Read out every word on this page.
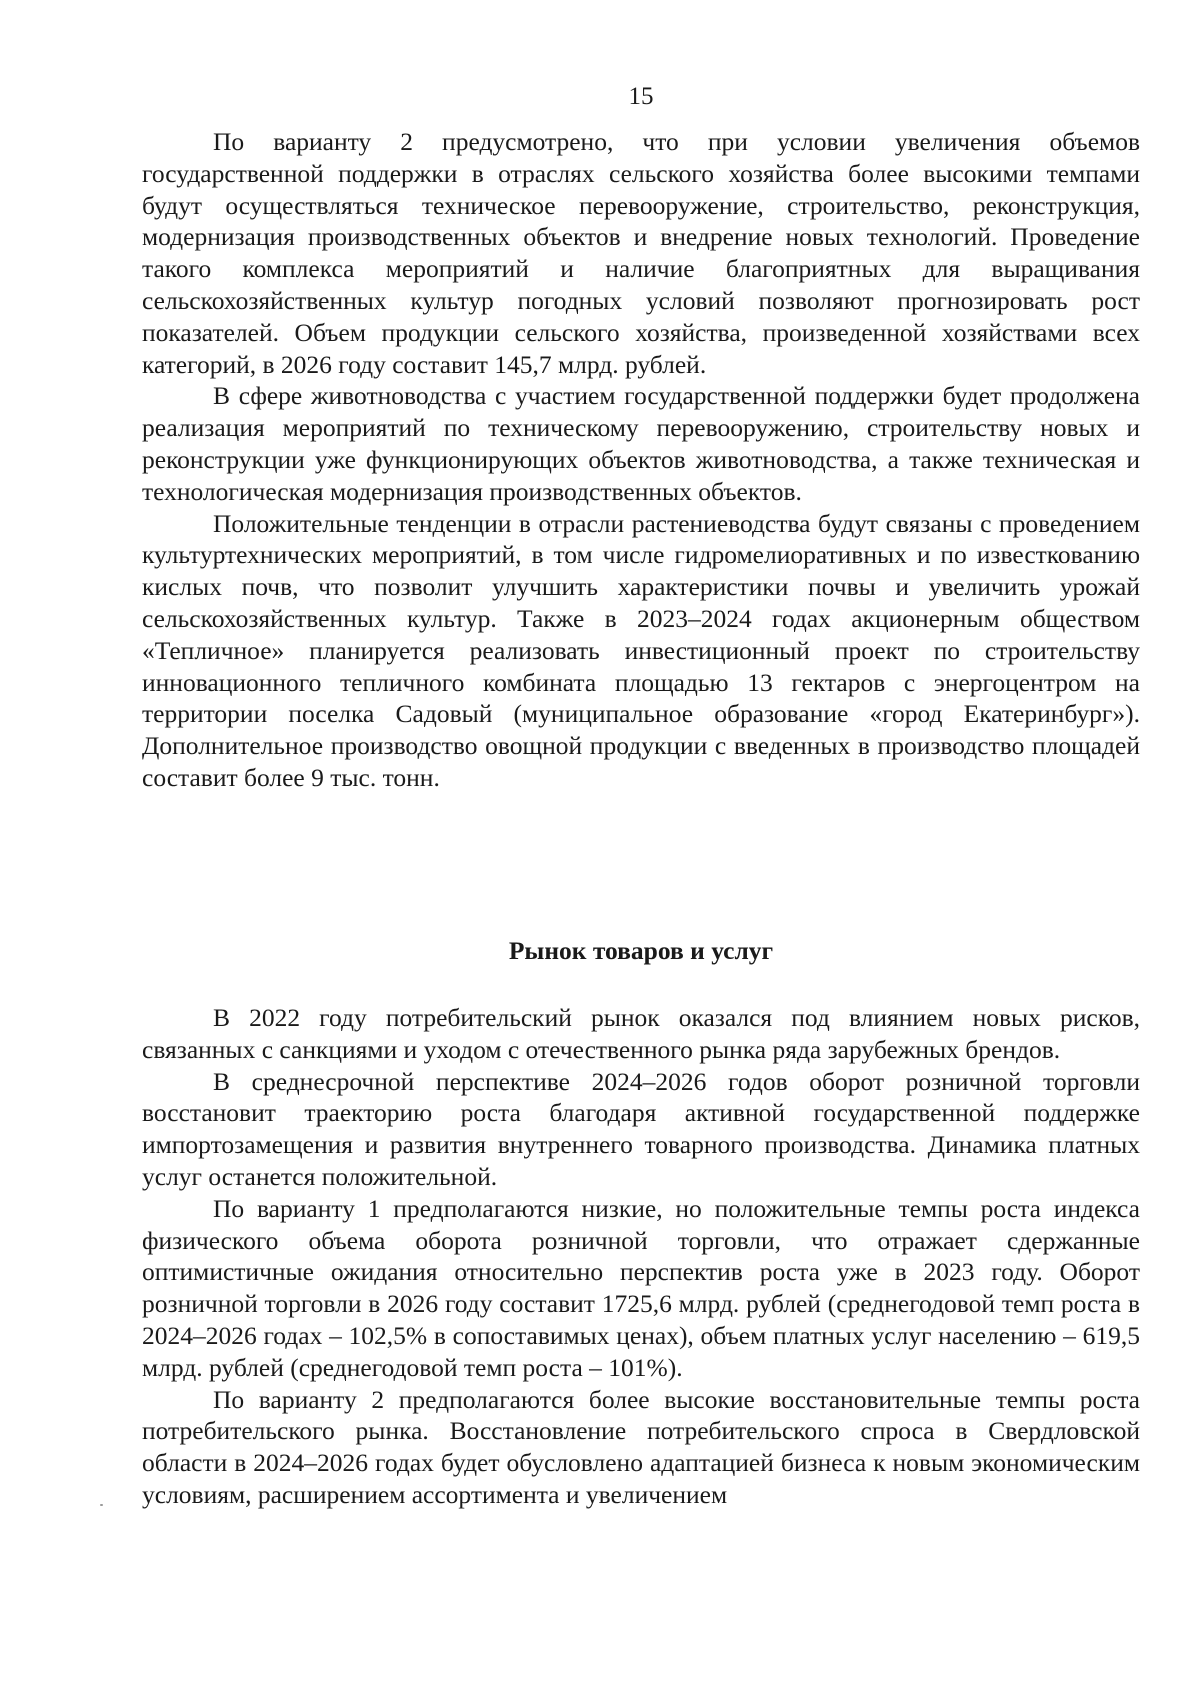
15

По варианту 2 предусмотрено, что при условии увеличения объемов государственной поддержки в отраслях сельского хозяйства более высокими темпами будут осуществляться техническое перевооружение, строительство, реконструкция, модернизация производственных объектов и внедрение новых технологий. Проведение такого комплекса мероприятий и наличие благоприятных для выращивания сельскохозяйственных культур погодных условий позволяют прогнозировать рост показателей. Объем продукции сельского хозяйства, произведенной хозяйствами всех категорий, в 2026 году составит 145,7 млрд. рублей.

В сфере животноводства с участием государственной поддержки будет продолжена реализация мероприятий по техническому перевооружению, строительству новых и реконструкции уже функционирующих объектов животноводства, а также техническая и технологическая модернизация производственных объектов.

Положительные тенденции в отрасли растениеводства будут связаны с проведением культуртехнических мероприятий, в том числе гидромелиоративных и по известкованию кислых почв, что позволит улучшить характеристики почвы и увеличить урожай сельскохозяйственных культур. Также в 2023–2024 годах акционерным обществом «Тепличное» планируется реализовать инвестиционный проект по строительству инновационного тепличного комбината площадью 13 гектаров с энергоцентром на территории поселка Садовый (муниципальное образование «город Екатеринбург»). Дополнительное производство овощной продукции с введенных в производство площадей составит более 9 тыс. тонн.

Рынок товаров и услуг

В 2022 году потребительский рынок оказался под влиянием новых рисков, связанных с санкциями и уходом с отечественного рынка ряда зарубежных брендов.

В среднесрочной перспективе 2024–2026 годов оборот розничной торговли восстановит траекторию роста благодаря активной государственной поддержке импортозамещения и развития внутреннего товарного производства. Динамика платных услуг останется положительной.

По варианту 1 предполагаются низкие, но положительные темпы роста индекса физического объема оборота розничной торговли, что отражает сдержанные оптимистичные ожидания относительно перспектив роста уже в 2023 году. Оборот розничной торговли в 2026 году составит 1725,6 млрд. рублей (среднегодовой темп роста в 2024–2026 годах – 102,5% в сопоставимых ценах), объем платных услуг населению – 619,5 млрд. рублей (среднегодовой темп роста – 101%).

По варианту 2 предполагаются более высокие восстановительные темпы роста потребительского рынка. Восстановление потребительского спроса в Свердловской области в 2024–2026 годах будет обусловлено адаптацией бизнеса к новым экономическим условиям, расширением ассортимента и увеличением
